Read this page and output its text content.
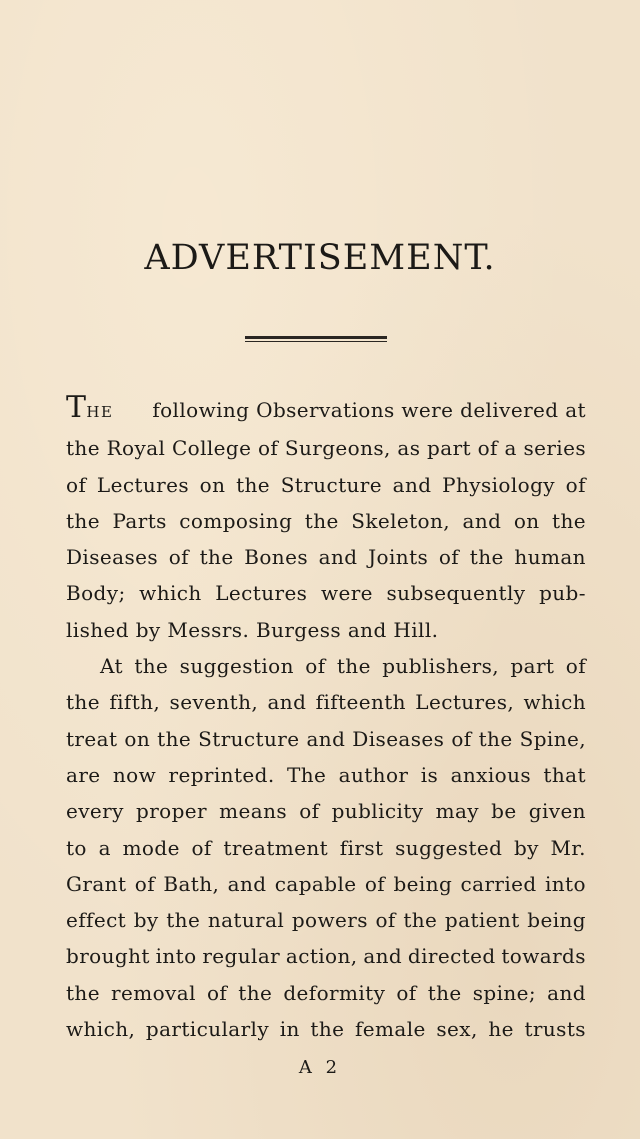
ADVERTISEMENT.
THE following Observations were delivered at
the Royal College of Surgeons, as part of a series
of Lectures on the Structure and Physiology of
the Parts composing the Skeleton, and on the
Diseases of the Bones and Joints of the human
Body; which Lectures were subsequently pub-
lished by Messrs. Burgess and Hill.
At the suggestion of the publishers, part of
the fifth, seventh, and fifteenth Lectures, which
treat on the Structure and Diseases of the Spine,
are now reprinted. The author is anxious that
every proper means of publicity may be given
to a mode of treatment first suggested by Mr.
Grant of Bath, and capable of being carried into
effect by the natural powers of the patient being
brought into regular action, and directed towards
the removal of the deformity of the spine; and
which, particularly in the female sex, he trusts
A 2
